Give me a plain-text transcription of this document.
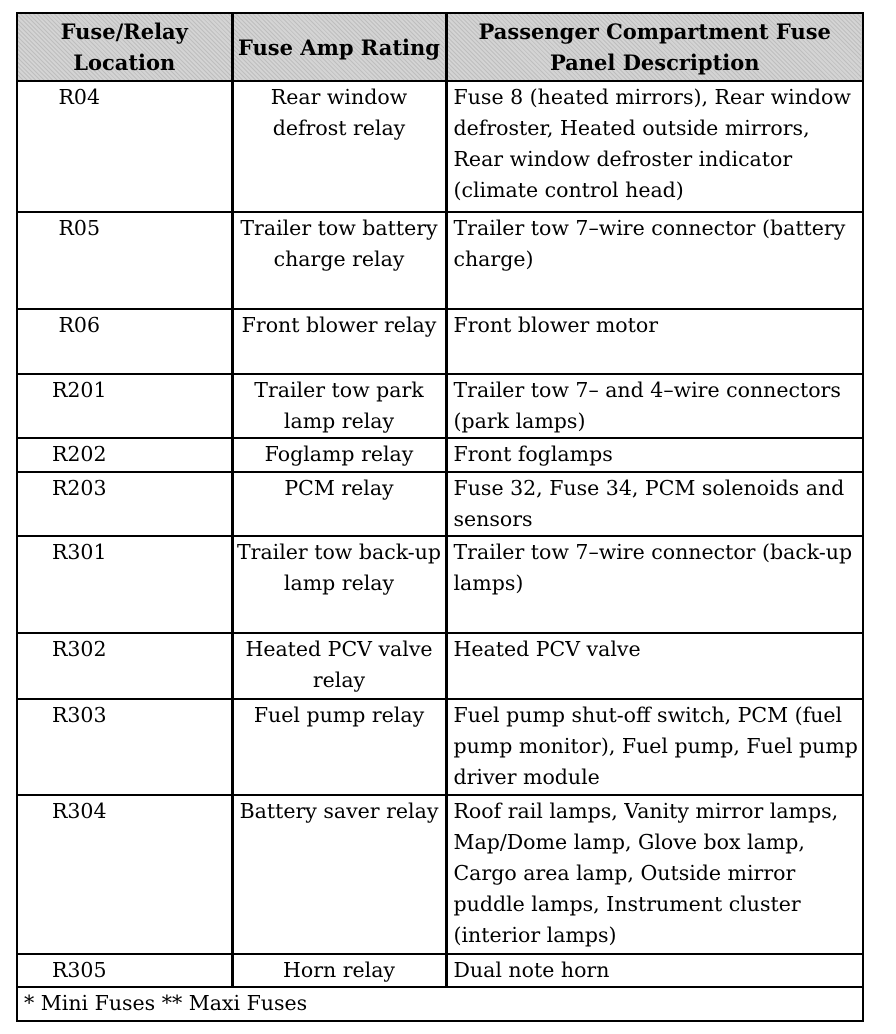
Fuse/Relay Location	Fuse Amp Rating	Passenger Compartment Fuse Panel Description
R04	Rear window defrost relay	Fuse 8 (heated mirrors), Rear window defroster, Heated outside mirrors, Rear window defroster indicator (climate control head)
R05	Trailer tow battery charge relay	Trailer tow 7–wire connector (battery charge)
R06	Front blower relay	Front blower motor
R201	Trailer tow park lamp relay	Trailer tow 7– and 4–wire connectors (park lamps)
R202	Foglamp relay	Front foglamps
R203	PCM relay	Fuse 32, Fuse 34, PCM solenoids and sensors
R301	Trailer tow back-up lamp relay	Trailer tow 7–wire connector (back-up lamps)
R302	Heated PCV valve relay	Heated PCV valve
R303	Fuel pump relay	Fuel pump shut-off switch, PCM (fuel pump monitor), Fuel pump, Fuel pump driver module
R304	Battery saver relay	Roof rail lamps, Vanity mirror lamps, Map/Dome lamp, Glove box lamp, Cargo area lamp, Outside mirror puddle lamps, Instrument cluster (interior lamps)
R305	Horn relay	Dual note horn
* Mini Fuses ** Maxi Fuses		
